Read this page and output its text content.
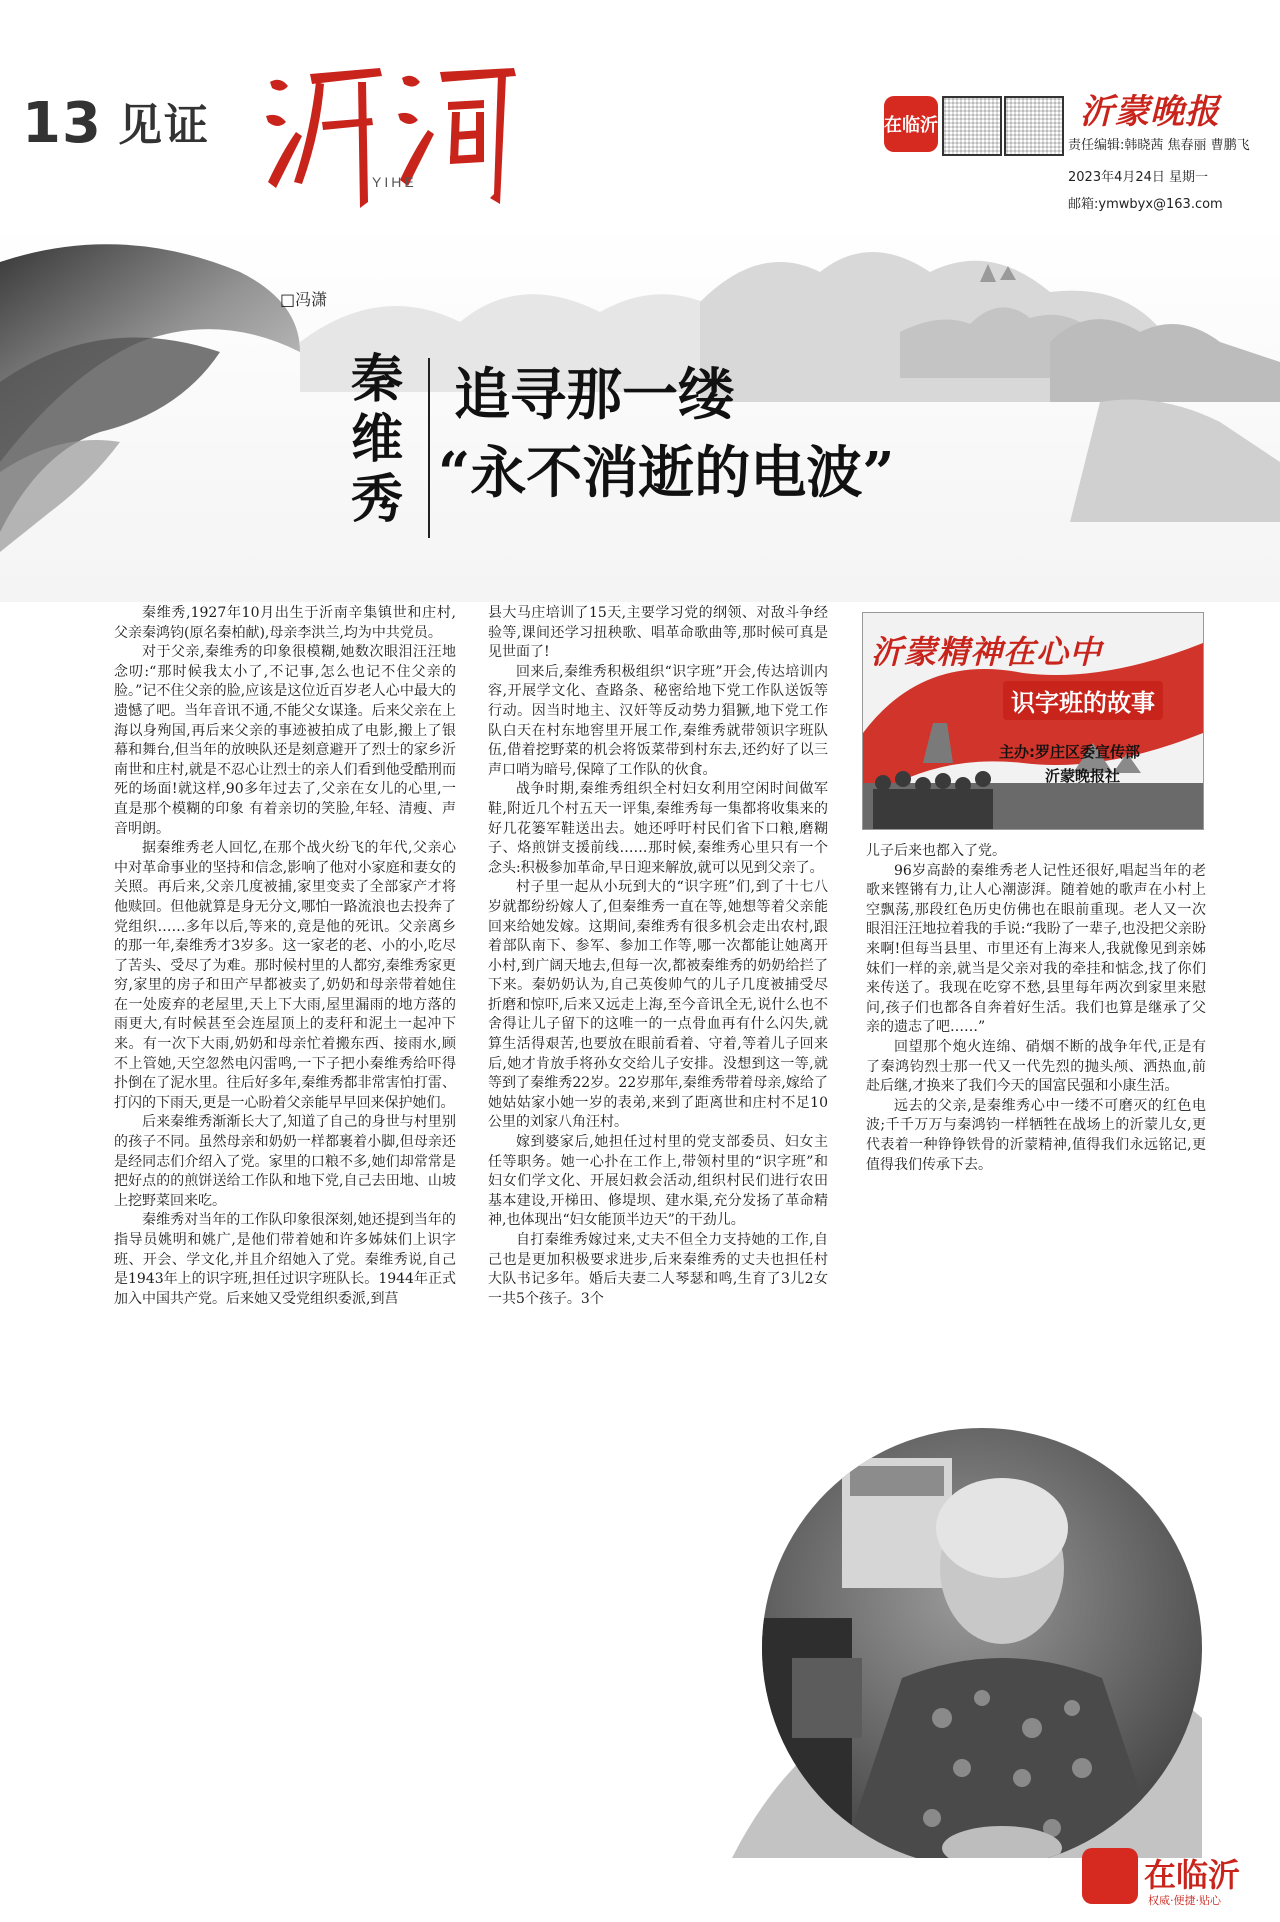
13 见证
YIHE
在临沂	沂蒙晚报
责任编辑:韩晓茜 焦春丽 曹鹏飞
2023年4月24日 星期一
邮箱:ymwbyx@163.com
□冯潇
秦
维
秀
追寻那一缕
“永不消逝的电波”

秦维秀,1927年10月出生于沂南辛集镇世和庄村,父亲秦鸿钧(原名秦柏献),母亲李洪兰,均为中共党员。

对于父亲,秦维秀的印象很模糊,她数次眼泪汪汪地念叨:“那时候我太小了,不记事,怎么也记不住父亲的脸。”记不住父亲的脸,应该是这位近百岁老人心中最大的遗憾了吧。当年音讯不通,不能父女谋逢。后来父亲在上海以身殉国,再后来父亲的事迹被拍成了电影,搬上了银幕和舞台,但当年的放映队还是刻意避开了烈士的家乡沂南世和庄村,就是不忍心让烈士的亲人们看到他受酷刑而死的场面!就这样,90多年过去了,父亲在女儿的心里,一直是那个模糊的印象 有着亲切的笑脸,年轻、清瘦、声音明朗。

据秦维秀老人回忆,在那个战火纷飞的年代,父亲心中对革命事业的坚持和信念,影响了他对小家庭和妻女的关照。再后来,父亲几度被捕,家里变卖了全部家产才将他赎回。但他就算是身无分文,哪怕一路流浪也去投奔了党组织……多年以后,等来的,竟是他的死讯。父亲离乡的那一年,秦维秀才3岁多。这一家老的老、小的小,吃尽了苦头、受尽了为难。那时候村里的人都穷,秦维秀家更穷,家里的房子和田产早都被卖了,奶奶和母亲带着她住在一处废弃的老屋里,天上下大雨,屋里漏雨的地方落的雨更大,有时候甚至会连屋顶上的麦秆和泥土一起冲下来。有一次下大雨,奶奶和母亲忙着搬东西、接雨水,顾不上管她,天空忽然电闪雷鸣,一下子把小秦维秀给吓得扑倒在了泥水里。往后好多年,秦维秀都非常害怕打雷、打闪的下雨天,更是一心盼着父亲能早早回来保护她们。

后来秦维秀渐渐长大了,知道了自己的身世与村里别的孩子不同。虽然母亲和奶奶一样都裹着小脚,但母亲还是经同志们介绍入了党。家里的口粮不多,她们却常常是把好点的的煎饼送给工作队和地下党,自己去田地、山坡上挖野菜回来吃。

秦维秀对当年的工作队印象很深刻,她还提到当年的指导员姚明和姚广,是他们带着她和许多姊妹们上识字班、开会、学文化,并且介绍她入了党。秦维秀说,自己是1943年上的识字班,担任过识字班队长。1944年正式加入中国共产党。后来她又受党组织委派,到莒

县大马庄培训了15天,主要学习党的纲领、对敌斗争经验等,课间还学习扭秧歌、唱革命歌曲等,那时候可真是见世面了!

回来后,秦维秀积极组织“识字班”开会,传达培训内容,开展学文化、查路条、秘密给地下党工作队送饭等行动。因当时地主、汉奸等反动势力猖獗,地下党工作队白天在村东地窖里开展工作,秦维秀就带领识字班队伍,借着挖野菜的机会将饭菜带到村东去,还约好了以三声口哨为暗号,保障了工作队的伙食。

战争时期,秦维秀组织全村妇女利用空闲时间做军鞋,附近几个村五天一评集,秦维秀每一集都将收集来的好几花篓军鞋送出去。她还呼吁村民们省下口粮,磨糊子、烙煎饼支援前线……那时候,秦维秀心里只有一个念头:积极参加革命,早日迎来解放,就可以见到父亲了。

村子里一起从小玩到大的“识字班”们,到了十七八岁就都纷纷嫁人了,但秦维秀一直在等,她想等着父亲能回来给她发嫁。这期间,秦维秀有很多机会走出农村,跟着部队南下、参军、参加工作等,哪一次都能让她离开小村,到广阔天地去,但每一次,都被秦维秀的奶奶给拦了下来。秦奶奶认为,自己英俊帅气的儿子几度被捕受尽折磨和惊吓,后来又远走上海,至今音讯全无,说什么也不舍得让儿子留下的这唯一的一点骨血再有什么闪失,就算生活得艰苦,也要放在眼前看着、守着,等着儿子回来后,她才肯放手将孙女交给儿子安排。没想到这一等,就等到了秦维秀22岁。22岁那年,秦维秀带着母亲,嫁给了她姑姑家小她一岁的表弟,来到了距离世和庄村不足10公里的刘家八角汪村。

嫁到婆家后,她担任过村里的党支部委员、妇女主任等职务。她一心扑在工作上,带领村里的“识字班”和妇女们学文化、开展妇救会活动,组织村民们进行农田基本建设,开梯田、修堤坝、建水渠,充分发扬了革命精神,也体现出“妇女能顶半边天”的干劲儿。

自打秦维秀嫁过来,丈夫不但全力支持她的工作,自己也是更加积极要求进步,后来秦维秀的丈夫也担任村大队书记多年。婚后夫妻二人琴瑟和鸣,生育了3儿2女一共5个孩子。3个

沂蒙精神在心中
识字班的故事
主办:罗庄区委宣传部
沂蒙晚报社

儿子后来也都入了党。

96岁高龄的秦维秀老人记性还很好,唱起当年的老歌来铿锵有力,让人心潮澎湃。随着她的歌声在小村上空飘荡,那段红色历史仿佛也在眼前重现。老人又一次眼泪汪汪地拉着我的手说:“我盼了一辈子,也没把父亲盼来啊!但每当县里、市里还有上海来人,我就像见到亲姊妹们一样的亲,就当是父亲对我的牵挂和惦念,找了你们来传送了。我现在吃穿不愁,县里每年两次到家里来慰问,孩子们也都各自奔着好生活。我们也算是继承了父亲的遗志了吧……”

回望那个炮火连绵、硝烟不断的战争年代,正是有了秦鸿钧烈士那一代又一代先烈的抛头颅、洒热血,前赴后继,才换来了我们今天的国富民强和小康生活。

远去的父亲,是秦维秀心中一缕不可磨灭的红色电波;千千万万与秦鸿钧一样牺牲在战场上的沂蒙儿女,更代表着一种铮铮铁骨的沂蒙精神,值得我们永远铭记,更值得我们传承下去。

在临沂
权威·便捷·贴心
